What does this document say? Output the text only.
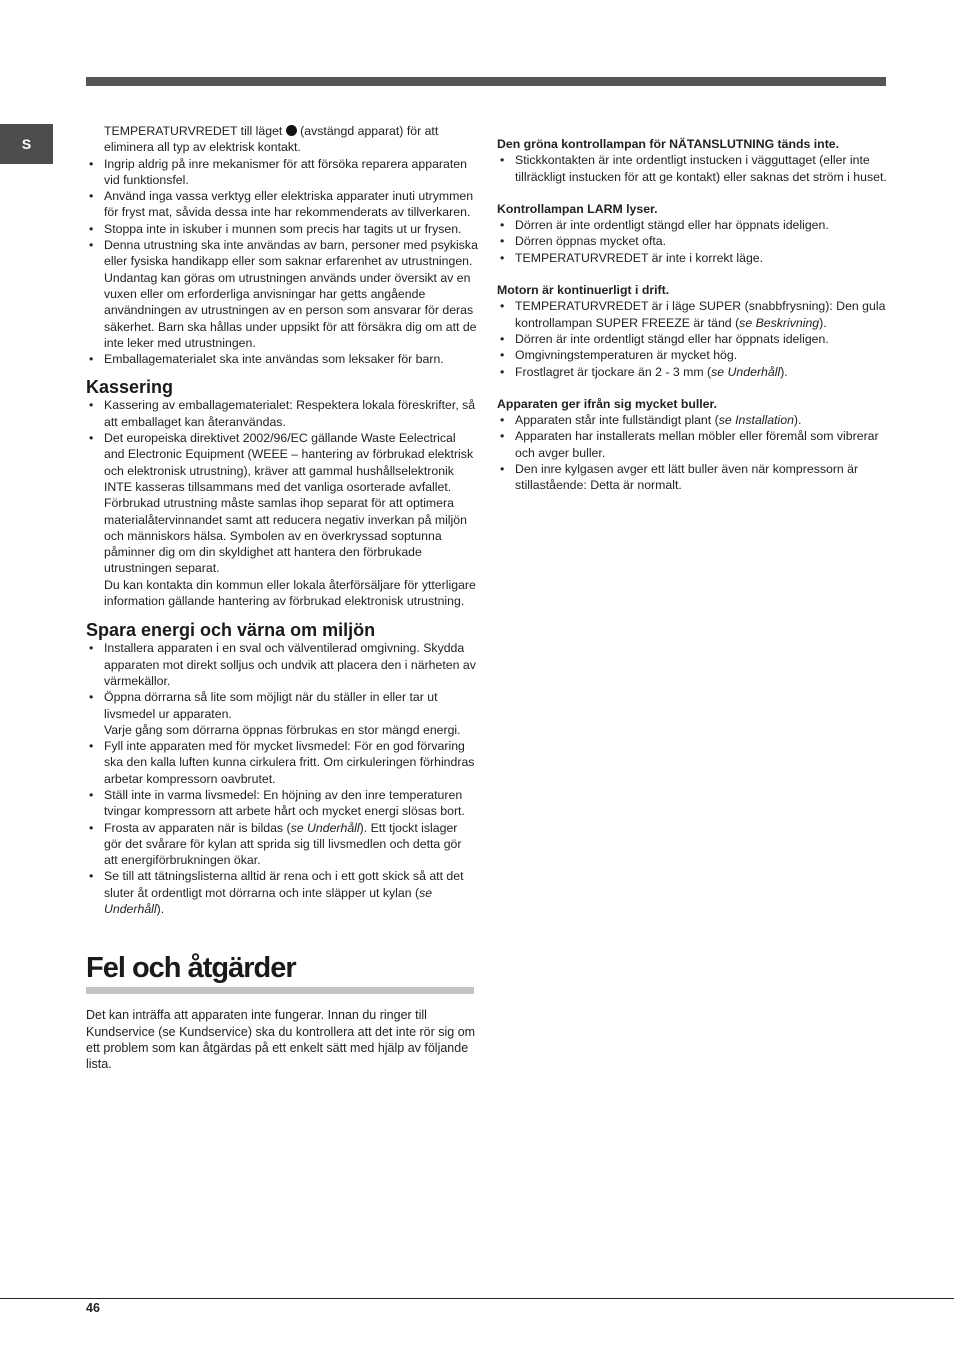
S

TEMPERATURVREDET till läget  (avstängd apparat) för att eliminera all typ av elektrisk kontakt.

• Ingrip aldrig på inre mekanismer för att försöka reparera apparaten vid funktionsfel.
• Använd inga vassa verktyg eller elektriska apparater inuti utrymmen för fryst mat, såvida dessa inte har rekommenderats av tillverkaren.
• Stoppa inte in iskuber i munnen som precis har tagits ut ur frysen.
• Denna utrustning ska inte användas av barn, personer med psykiska eller fysiska handikapp eller som saknar erfarenhet av utrustningen. Undantag kan göras om utrustningen används under översikt av en vuxen eller om erforderliga anvisningar har getts angående användningen av utrustningen av en person som ansvarar för deras säkerhet. Barn ska hållas under uppsikt för att försäkra dig om att de inte leker med utrustningen.
• Emballagematerialet ska inte användas som leksaker för barn.
Kassering
• Kassering av emballagematerialet: Respektera lokala föreskrifter, så att emballaget kan återanvändas.
• Det europeiska direktivet 2002/96/EC gällande Waste Eelectrical and Electronic Equipment (WEEE – hantering av förbrukad elektrisk och elektronisk utrustning), kräver att gammal hushållselektronik INTE kasseras tillsammans med det vanliga osorterade avfallet. Förbrukad utrustning måste samlas ihop separat för att optimera materialåtervinnandet samt att reducera negativ inverkan på miljön och människors hälsa. Symbolen av en överkryssad soptunna påminner dig om din skyldighet att hantera den förbrukade utrustningen separat.
Du kan kontakta din kommun eller lokala återförsäljare för ytterligare information gällande hantering av förbrukad elektronisk utrustning.
Spara energi och värna om miljön
• Installera apparaten i en sval och välventilerad omgivning. Skydda apparaten mot direkt solljus och undvik att placera den i närheten av värmekällor.
• Öppna dörrarna så lite som möjligt när du ställer in eller tar ut livsmedel ur apparaten.
Varje gång som dörrarna öppnas förbrukas en stor mängd energi.
• Fyll inte apparaten med för mycket livsmedel: För en god förvaring ska den kalla luften kunna cirkulera fritt. Om cirkuleringen förhindras arbetar kompressorn oavbrutet.
• Ställ inte in varma livsmedel: En höjning av den inre temperaturen tvingar kompressorn att arbete hårt och mycket energi slösas bort.
• Frosta av apparaten när is bildas (se Underhåll). Ett tjockt islager gör det svårare för kylan att sprida sig till livsmedlen och detta gör att energiförbrukningen ökar.
• Se till att tätningslisterna alltid är rena och i ett gott skick så att det sluter åt ordentligt mot dörrarna och inte släpper ut kylan (se Underhåll).
Fel och åtgärder

Det kan inträffa att apparaten inte fungerar. Innan du ringer till Kundservice (se Kundservice) ska du kontrollera att det inte rör sig om ett problem som kan åtgärdas på ett enkelt sätt med hjälp av följande lista.

Den gröna kontrollampan för NÄTANSLUTNING tänds inte.

• Stickkontakten är inte ordentligt instucken i vägguttaget (eller inte tillräckligt instucken för att ge kontakt) eller saknas det ström i huset.

Kontrollampan LARM lyser.

• Dörren är inte ordentligt stängd eller har öppnats ideligen.
• Dörren öppnas mycket ofta.
• TEMPERATURVREDET är inte i korrekt läge.

Motorn är kontinuerligt i drift.

• TEMPERATURVREDET är i läge SUPER (snabbfrysning): Den gula kontrollampan SUPER FREEZE är tänd (se Beskrivning).
• Dörren är inte ordentligt stängd eller har öppnats ideligen.
• Omgivningstemperaturen är mycket hög.
• Frostlagret är tjockare än 2 - 3 mm (se Underhåll).

Apparaten ger ifrån sig mycket buller.

• Apparaten står inte fullständigt plant (se Installation).
• Apparaten har installerats mellan möbler eller föremål som vibrerar och avger buller.
• Den inre kylgasen avger ett lätt buller även när kompressorn är stillastående: Detta är normalt.
46
